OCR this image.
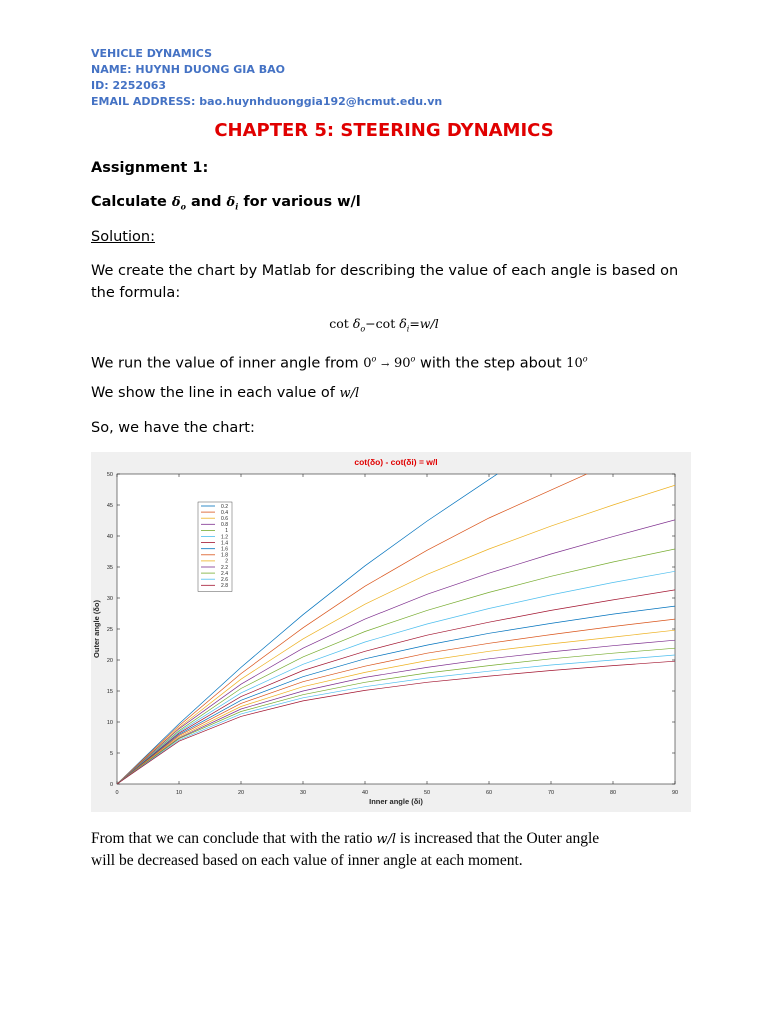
VEHICLE DYNAMICS
NAME: HUYNH DUONG GIA BAO
ID: 2252063
EMAIL ADDRESS: bao.huynhduonggia192@hcmut.edu.vn
CHAPTER 5: STEERING DYNAMICS
Assignment 1:
Calculate $\delta_o$ and $\delta_i$ for various w/l
Solution:
We create the chart by Matlab for describing the value of each angle is based on
the formula:
$\cot \delta_o-\cot$ $\delta_i=w/l$
We run the value of inner angle from $0^o \to 90^o$ with the step about 10$^o$
We show the line in each value of w/l
So, we have the chart:
0	10	20	30	40	50	60	70	80	90
0
5
10
15
20
25
30
35
40
45
50
0.2
0.4
0.6
0.8
1
1.2
1.4
1.6
1.8
2
2.2
2.4
2.6
2.8
cot(δo) - cot(δi) = w/l
Inner angle (δi)
Outer angle (δo)
From that we can conclude that with the ratio w/l is increased that the Outer angle
will be decreased based on each value of inner angle at each moment.
